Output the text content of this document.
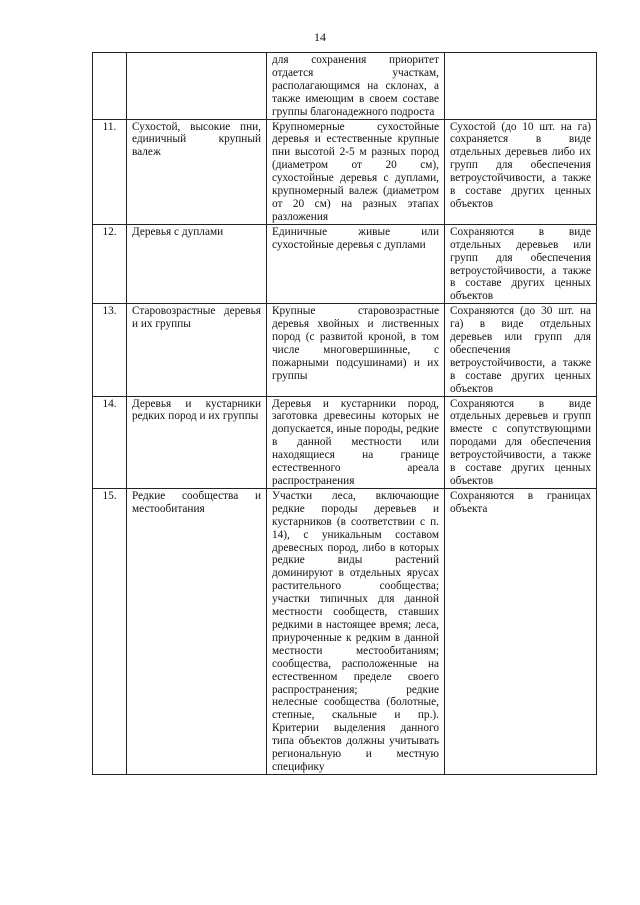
14
		для сохранения приоритет отдается участкам, располагающимся на склонах, а также имеющим в своем составе группы благонадежного подроста	
11.	Сухостой, высокие пни, единичный крупный валеж	Крупномерные сухостойные деревья и естественные крупные пни высотой 2-5 м разных пород (диаметром от 20 см), сухостойные деревья с дуплами, крупномерный валеж (диаметром от 20 см) на разных этапах разложения	Сухостой (до 10 шт. на га) сохраняется в виде отдельных деревьев либо их групп для обеспечения ветроустойчивости, а также в составе других ценных объектов
12.	Деревья с дуплами	Единичные живые или сухостойные деревья с дуплами	Сохраняются в виде отдельных деревьев или групп для обеспечения ветроустойчивости, а также в составе других ценных объектов
13.	Старовозрастные деревья и их группы	Крупные старовозрастные деревья хвойных и лиственных пород (с развитой кроной, в том числе многовершинные, с пожарными подсушинами) и их группы	Сохраняются (до 30 шт. на га) в виде отдельных деревьев или групп для обеспечения ветроустойчивости, а также в составе других ценных объектов
14.	Деревья и кустарники редких пород и их группы	Деревья и кустарники пород, заготовка древесины которых не допускается, иные породы, редкие в данной местности или находящиеся на границе естественного ареала распространения	Сохраняются в виде отдельных деревьев и групп вместе с сопутствующими породами для обеспечения ветроустойчивости, а также в составе других ценных объектов
15.	Редкие сообщества и местообитания	Участки леса, включающие редкие породы деревьев и кустарников (в соответствии с п. 14), с уникальным составом древесных пород, либо в которых редкие виды растений доминируют в отдельных ярусах растительного сообщества; участки типичных для данной местности сообществ, ставших редкими в настоящее время; леса, приуроченные к редким в данной местности местообитаниям; сообщества, расположенные на естественном пределе своего распространения; редкие нелесные сообщества (болотные, степные, скальные и пр.). Критерии выделения данного типа объектов должны учитывать региональную и местную специфику	Сохраняются в границах объекта
